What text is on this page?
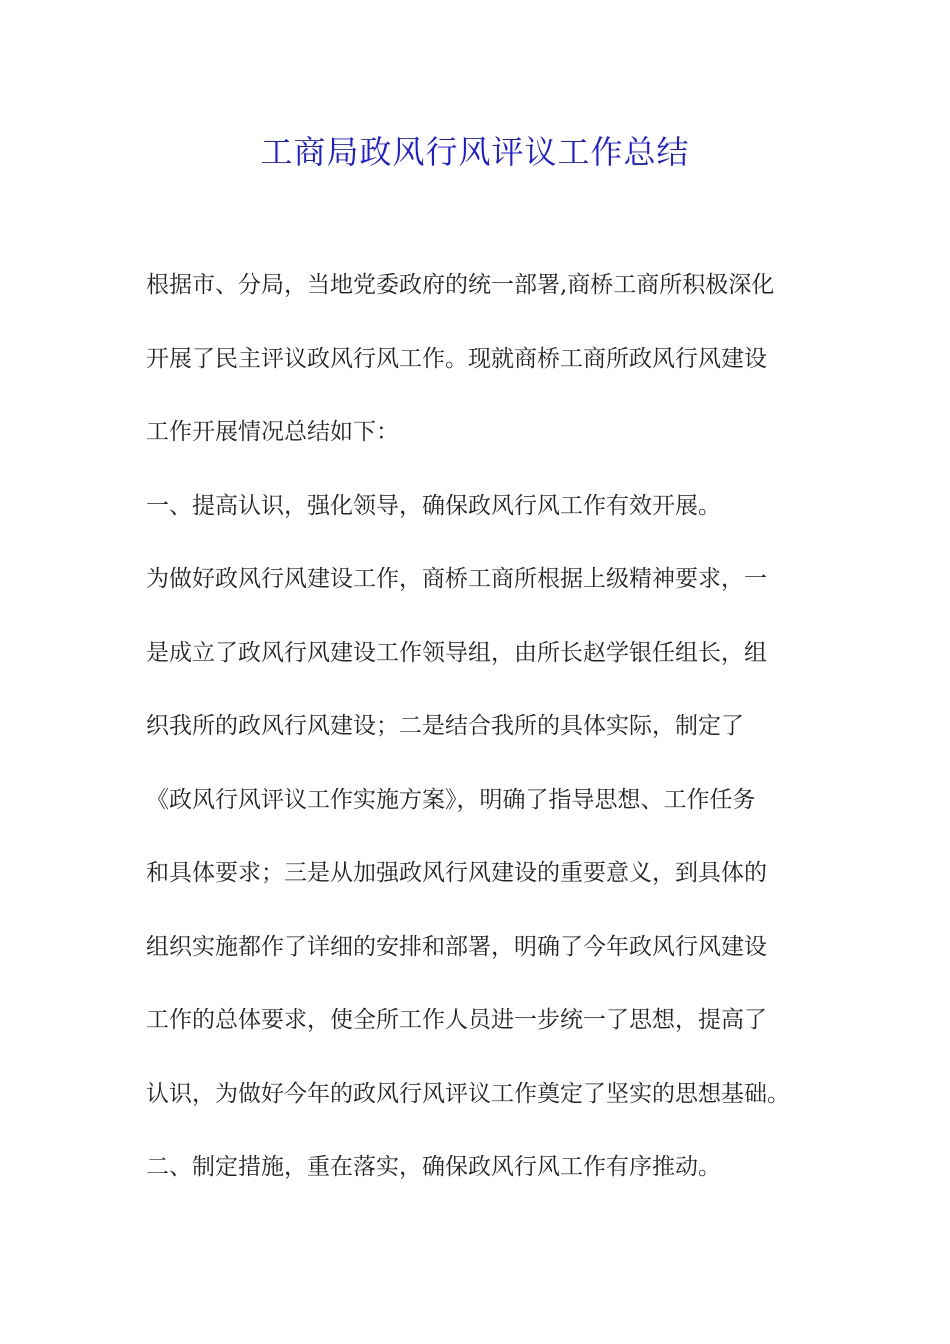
工商局政风行风评议工作总结
根据市、分局，当地党委政府的统一部署,商桥工商所积极深化
开展了民主评议政风行风工作。现就商桥工商所政风行风建设
工作开展情况总结如下：
一、提高认识，强化领导，确保政风行风工作有效开展。
为做好政风行风建设工作，商桥工商所根据上级精神要求，一
是成立了政风行风建设工作领导组，由所长赵学银任组长，组
织我所的政风行风建设；二是结合我所的具体实际，制定了
《政风行风评议工作实施方案》，明确了指导思想、工作任务
和具体要求；三是从加强政风行风建设的重要意义，到具体的
组织实施都作了详细的安排和部署，明确了今年政风行风建设
工作的总体要求，使全所工作人员进一步统一了思想，提高了
认识，为做好今年的政风行风评议工作奠定了坚实的思想基础。
二、制定措施，重在落实，确保政风行风工作有序推动。
